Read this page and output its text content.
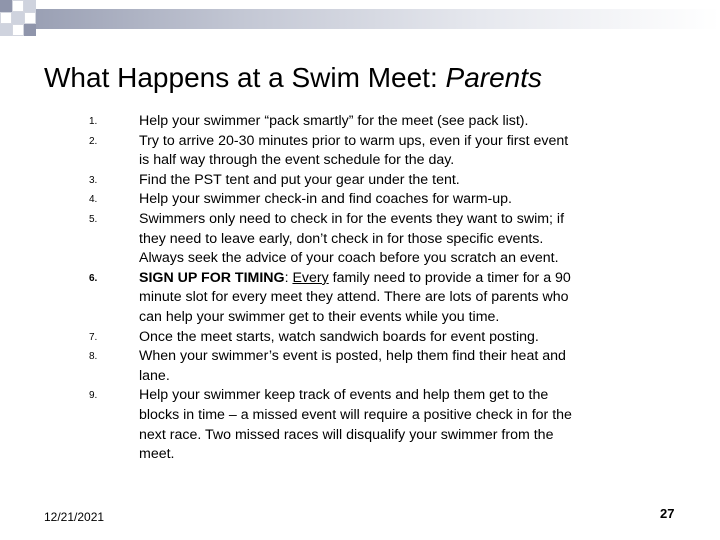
What Happens at a Swim Meet: Parents
1.	Help your swimmer “pack smartly” for the meet (see pack list).
2.	Try to arrive 20-30 minutes prior to warm ups, even if your first event
is half way through the event schedule for the day.
3.	Find the PST tent and put your gear under the tent.
4.	Help your swimmer check-in and find coaches for warm-up.
5.	Swimmers only need to check in for the events they want to swim; if
they need to leave early, don’t check in for those specific events.
Always seek the advice of your coach before you scratch an event.
6.	SIGN UP FOR TIMING: Every family need to provide a timer for a 90
minute slot for every meet they attend. There are lots of parents who
can help your swimmer get to their events while you time.
7.	Once the meet starts, watch sandwich boards for event posting.
8.	When your swimmer’s event is posted, help them find their heat and
lane.
9.	Help your swimmer keep track of events and help them get to the
blocks in time – a missed event will require a positive check in for the
next race. Two missed races will disqualify your swimmer from the
meet.
12/21/2021	27
